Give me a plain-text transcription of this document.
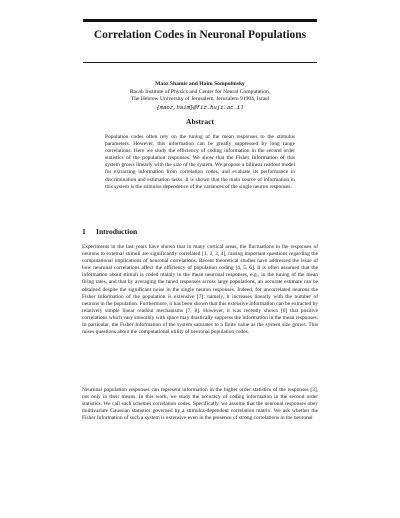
Correlation Codes in Neuronal Populations
Maoz Shamir and Haim Sompolinsky
Racah Institute of Physics and Center for Neural Computation,
The Hebrew University of Jerusalem, Jerusalem 91904, Israel
{maoz,haim}@fiz.huji.ac.il
Abstract
Population codes often rely on the tuning of the mean responses to the stimulus parameters. However, this information can be greatly suppressed by long range correlations. Here we study the efficiency of coding information in the second order statistics of the population responses. We show that the Fisher Information of this system grows linearly with the size of the system. We propose a bilinear readout model for extracting information from correlation codes, and evaluate its performance in discrimination and estimation tasks. It is shown that the main source of information in this system is the stimulus dependence of the variances of the single neuron responses.
1 Introduction
Experiments in the last years have shown that in many cortical areas, the fluctuations in the responses of neurons to external stimuli are significantly correlated [1, 2, 3, 4], raising important questions regarding the computational implications of neuronal correlations. Recent theoretical studies have addressed the issue of how neuronal correlations affect the efficiency of population coding [4, 5, 6]. It is often assumed that the information about stimuli is coded mainly in the mean neuronal responses, e.g., in the tuning of the mean firing rates, and that by averaging the tuned responses across large populations, an accurate estimate can be obtained despite the significant noise in the single neuron responses. Indeed, for uncorrelated neurons the Fisher Information of the population is extensive [7]; namely, it increases linearly with the number of neurons in the population. Furthermore, it has been shown that this extensive information can be extracted by relatively simple linear readout mechanisms [7, 8]. However, it was recently shown [6] that positive correlations which vary smoothly with space may drastically suppress the information in the mean responses. In particular, the Fisher Information of the system saturates to a finite value as the system size grows. This raises questions about the computational utility of neuronal population codes.
Neuronal population responses can represent information in the higher order statistics of the responses [3], not only in their means. In this work, we study the accuracy of coding information in the second order statistics. We call such schemes correlation codes. Specifically, we assume that the neuronal responses obey multivariate Gaussian statistics governed by a stimulus-dependent correlation matrix. We ask whether the Fisher Information of such a system is extensive even in the presence of strong correlations in the neuronal
